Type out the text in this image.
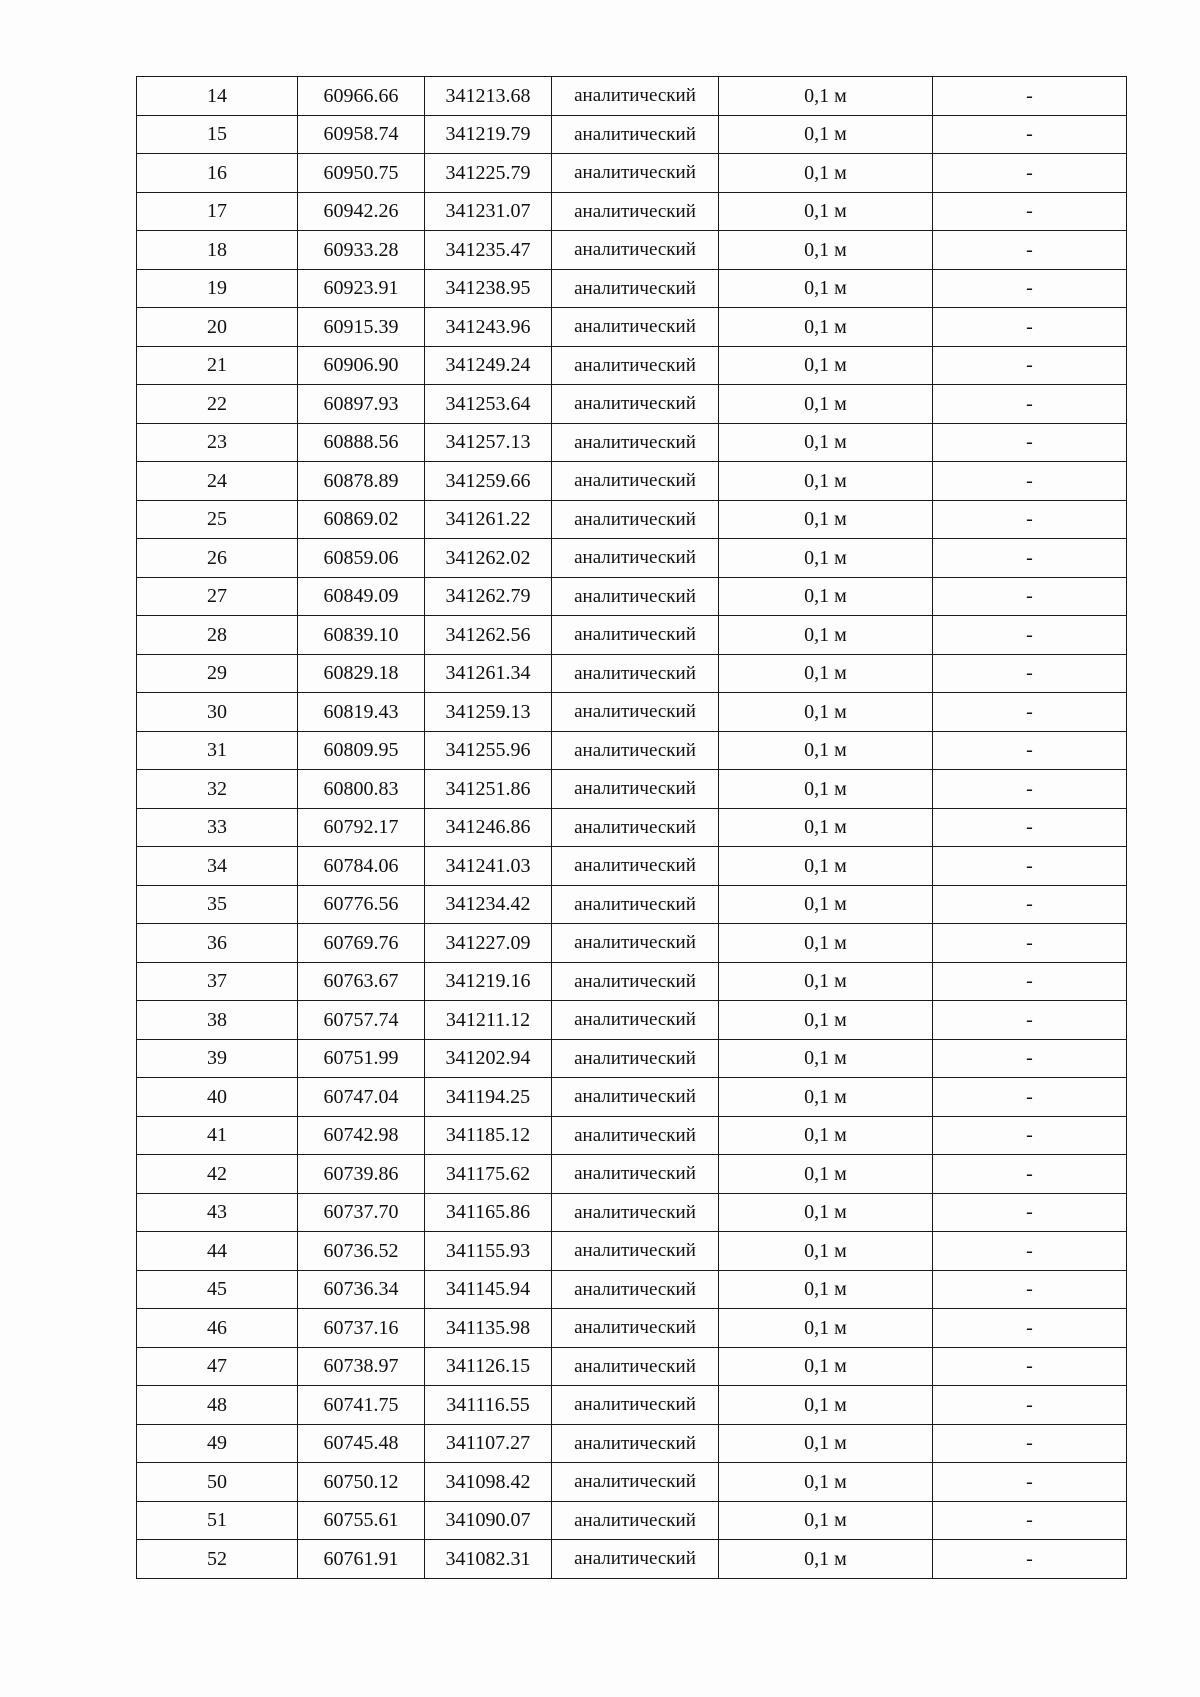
14	60966.66	341213.68	аналитический	0,1 м	-
15	60958.74	341219.79	аналитический	0,1 м	-
16	60950.75	341225.79	аналитический	0,1 м	-
17	60942.26	341231.07	аналитический	0,1 м	-
18	60933.28	341235.47	аналитический	0,1 м	-
19	60923.91	341238.95	аналитический	0,1 м	-
20	60915.39	341243.96	аналитический	0,1 м	-
21	60906.90	341249.24	аналитический	0,1 м	-
22	60897.93	341253.64	аналитический	0,1 м	-
23	60888.56	341257.13	аналитический	0,1 м	-
24	60878.89	341259.66	аналитический	0,1 м	-
25	60869.02	341261.22	аналитический	0,1 м	-
26	60859.06	341262.02	аналитический	0,1 м	-
27	60849.09	341262.79	аналитический	0,1 м	-
28	60839.10	341262.56	аналитический	0,1 м	-
29	60829.18	341261.34	аналитический	0,1 м	-
30	60819.43	341259.13	аналитический	0,1 м	-
31	60809.95	341255.96	аналитический	0,1 м	-
32	60800.83	341251.86	аналитический	0,1 м	-
33	60792.17	341246.86	аналитический	0,1 м	-
34	60784.06	341241.03	аналитический	0,1 м	-
35	60776.56	341234.42	аналитический	0,1 м	-
36	60769.76	341227.09	аналитический	0,1 м	-
37	60763.67	341219.16	аналитический	0,1 м	-
38	60757.74	341211.12	аналитический	0,1 м	-
39	60751.99	341202.94	аналитический	0,1 м	-
40	60747.04	341194.25	аналитический	0,1 м	-
41	60742.98	341185.12	аналитический	0,1 м	-
42	60739.86	341175.62	аналитический	0,1 м	-
43	60737.70	341165.86	аналитический	0,1 м	-
44	60736.52	341155.93	аналитический	0,1 м	-
45	60736.34	341145.94	аналитический	0,1 м	-
46	60737.16	341135.98	аналитический	0,1 м	-
47	60738.97	341126.15	аналитический	0,1 м	-
48	60741.75	341116.55	аналитический	0,1 м	-
49	60745.48	341107.27	аналитический	0,1 м	-
50	60750.12	341098.42	аналитический	0,1 м	-
51	60755.61	341090.07	аналитический	0,1 м	-
52	60761.91	341082.31	аналитический	0,1 м	-
